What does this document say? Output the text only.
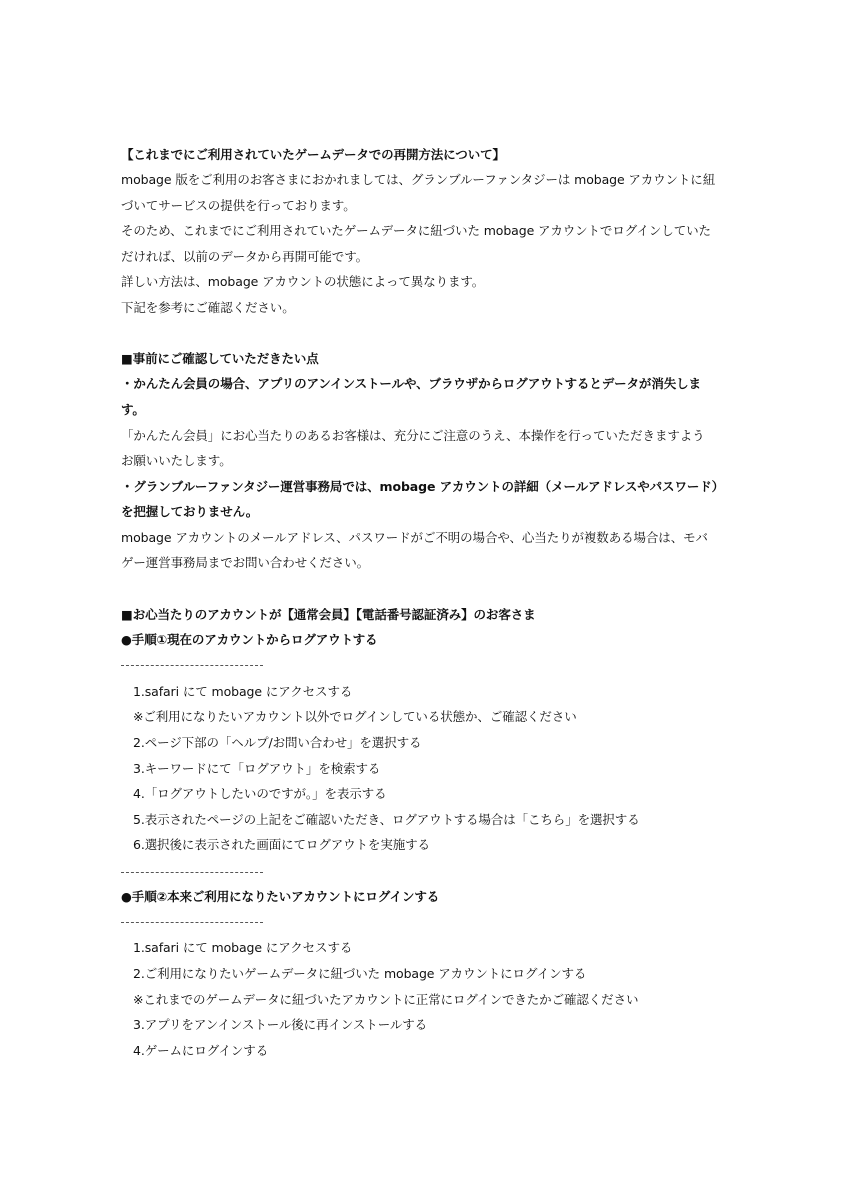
【これまでにご利用されていたゲームデータでの再開方法について】
mobage 版をご利用のお客さまにおかれましては、グランブルーファンタジーは mobage アカウントに紐
づいてサービスの提供を行っております。
そのため、これまでにご利用されていたゲームデータに紐づいた mobage アカウントでログインしていた
だければ、以前のデータから再開可能です。
詳しい方法は、mobage アカウントの状態によって異なります。
下記を参考にご確認ください。
■事前にご確認していただきたい点
・かんたん会員の場合、アプリのアンインストールや、ブラウザからログアウトするとデータが消失しま
す。
「かんたん会員」にお心当たりのあるお客様は、充分にご注意のうえ、本操作を行っていただきますよう
お願いいたします。
・グランブルーファンタジー運営事務局では、mobage アカウントの詳細（メールアドレスやパスワード）
を把握しておりません。
mobage アカウントのメールアドレス、パスワードがご不明の場合や、心当たりが複数ある場合は、モバ
ゲー運営事務局までお問い合わせください。
■お心当たりのアカウントが【通常会員】【電話番号認証済み】のお客さま
●手順①現在のアカウントからログアウトする
1.safari にて mobage にアクセスする
※ご利用になりたいアカウント以外でログインしている状態か、ご確認ください
2.ページ下部の「ヘルプ/お問い合わせ」を選択する
3.キーワードにて「ログアウト」を検索する
4.「ログアウトしたいのですが。」を表示する
5.表示されたページの上記をご確認いただき、ログアウトする場合は「こちら」を選択する
6.選択後に表示された画面にてログアウトを実施する
●手順②本来ご利用になりたいアカウントにログインする
1.safari にて mobage にアクセスする
2.ご利用になりたいゲームデータに紐づいた mobage アカウントにログインする
※これまでのゲームデータに紐づいたアカウントに正常にログインできたかご確認ください
3.アプリをアンインストール後に再インストールする
4.ゲームにログインする
